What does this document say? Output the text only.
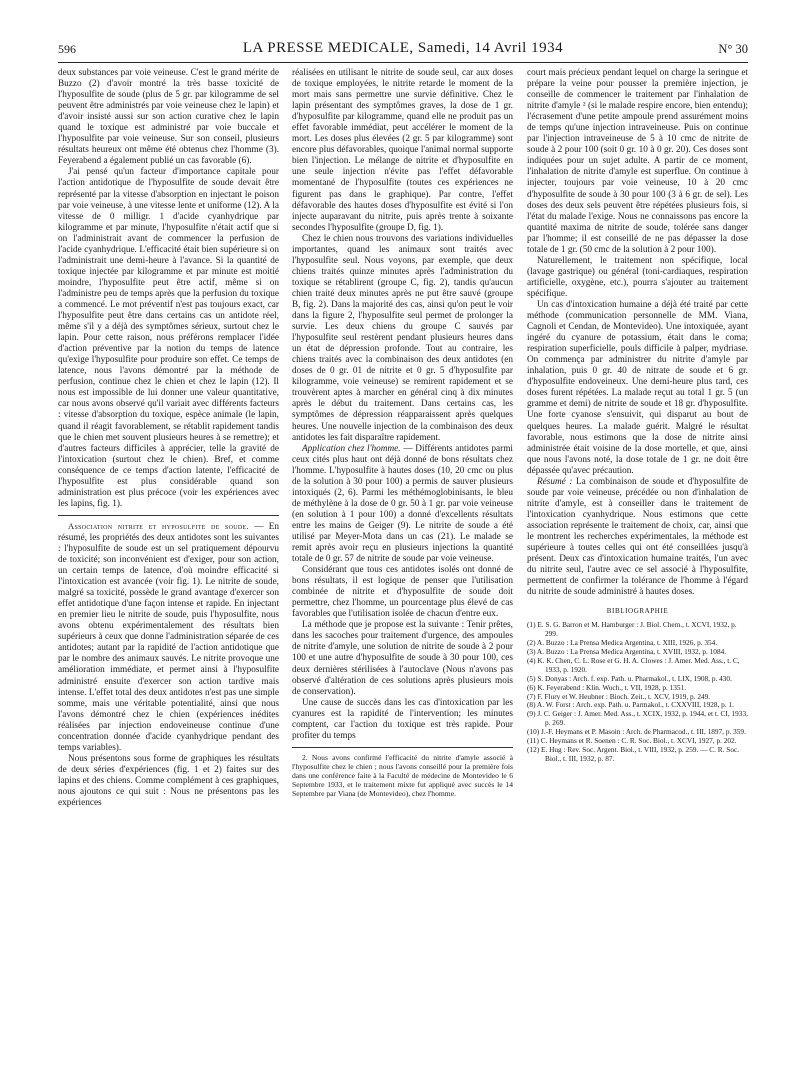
596	LA PRESSE MEDICALE, Samedi, 14 Avril 1934	N° 30

deux substances par voie veineuse. C'est le grand mérite de Buzzo (2) d'avoir montré la très basse toxicité de l'hyposulfite de soude (plus de 5 gr. par kilogramme de sel peuvent être administrés par voie veineuse chez le lapin) et d'avoir insisté aussi sur son action curative chez le lapin quand le toxique est administré par voie buccale et l'hyposulfite par voie veineuse. Sur son conseil, plusieurs résultats heureux ont même été obtenus chez l'homme (3). Feyerabend a également publié un cas favorable (6).

J'ai pensé qu'un facteur d'importance capitale pour l'action antidotique de l'hyposulfite de soude devait être représenté par la vitesse d'absorption en injectant le poison par voie veineuse, à une vitesse lente et uniforme (12). A la vitesse de 0 milligr. 1 d'acide cyanhydrique par kilogramme et par minute, l'hyposulfite n'était actif que si on l'administrait avant de commencer la perfusion de l'acide cyanhydrique. L'efficacité était bien supérieure si on l'administrait une demi-heure à l'avance. Si la quantité de toxique injectée par kilogramme et par minute est moitié moindre, l'hyposulfite peut être actif, même si on l'administre peu de temps après que la perfusion du toxique a commencé. Le mot préventif n'est pas toujours exact, car l'hyposulfite peut être dans certains cas un antidote réel, même s'il y a déjà des symptômes sérieux, surtout chez le lapin. Pour cette raison, nous préférons remplacer l'idée d'action préventive par la notion du temps de latence qu'exige l'hyposulfite pour produire son effet. Ce temps de latence, nous l'avons démontré par la méthode de perfusion, continue chez le chien et chez le lapin (12). Il nous est impossible de lui donner une valeur quantitative, car nous avons observé qu'il variait avec différents facteurs : vitesse d'absorption du toxique, espèce animale (le lapin, quand il réagit favorablement, se rétablit rapidement tandis que le chien met souvent plusieurs heures à se remettre); et d'autres facteurs difficiles à apprécier, telle la gravité de l'intoxication (surtout chez le chien). Bref, et comme conséquence de ce temps d'action latente, l'efficacité de l'hyposulfite est plus considérable quand son administration est plus précoce (voir les expériences avec les lapins, fig. 1).

Association nitrite et hyposulfite de soude. — En résumé, les propriétés des deux antidotes sont les suivantes : l'hyposulfite de soude est un sel pratiquement dépourvu de toxicité; son inconvénient est d'exiger, pour son action, un certain temps de latence, d'où moindre efficacité si l'intoxication est avancée (voir fig. 1). Le nitrite de soude, malgré sa toxicité, possède le grand avantage d'exercer son effet antidotique d'une façon intense et rapide. En injectant en premier lieu le nitrite de soude, puis l'hyposulfite, nous avons obtenu expérimentalement des résultats bien supérieurs à ceux que donne l'administration séparée de ces antidotes; autant par la rapidité de l'action antidotique que par le nombre des animaux sauvés. Le nitrite provoque une amélioration immédiate, et permet ainsi à l'hyposulfite administré ensuite d'exercer son action tardive mais intense. L'effet total des deux antidotes n'est pas une simple somme, mais une véritable potentialité, ainsi que nous l'avons démontré chez le chien (expériences inédites réalisées par injection endoveineuse continue d'une concentration donnée d'acide cyanhydrique pendant des temps variables).

Nous présentons sous forme de graphiques les résultats de deux séries d'expériences (fig. 1 et 2) faites sur des lapins et des chiens. Comme complément à ces graphiques, nous ajoutons ce qui suit : Nous ne présentons pas les expériences

réalisées en utilisant le nitrite de soude seul, car aux doses de toxique employées, le nitrite retarde le moment de la mort mais sans permettre une survie définitive. Chez le lapin présentant des symptômes graves, la dose de 1 gr. d'hyposulfite par kilogramme, quand elle ne produit pas un effet favorable immédiat, peut accélérer le moment de la mort. Les doses plus élevées (2 gr. 5 par kilogramme) sont encore plus défavorables, quoique l'animal normal supporte bien l'injection. Le mélange de nitrite et d'hyposulfite en une seule injection n'évite pas l'effet défavorable momentané de l'hyposulfite (toutes ces expériences ne figurent pas dans le graphique). Par contre, l'effet défavorable des hautes doses d'hyposulfite est évité si l'on injecte auparavant du nitrite, puis après trente à soixante secondes l'hyposulfite (groupe D, fig. 1).

Chez le chien nous trouvons des variations individuelles importantes, quand les animaux sont traités avec l'hyposulfite seul. Nous voyons, par exemple, que deux chiens traités quinze minutes après l'administration du toxique se rétablirent (groupe C, fig. 2), tandis qu'aucun chien traité deux minutes après ne put être sauvé (groupe B, fig. 2). Dans la majorité des cas, ainsi qu'on peut le voir dans la figure 2, l'hyposulfite seul permet de prolonger la survie. Les deux chiens du groupe C sauvés par l'hyposulfite seul restèrent pendant plusieurs heures dans un état de dépression profonde. Tout au contraire, les chiens traités avec la combinaison des deux antidotes (en doses de 0 gr. 01 de nitrite et 0 gr. 5 d'hyposulfite par kilogramme, voie veineuse) se remirent rapidement et se trouvèrent aptes à marcher en général cinq à dix minutes après le début du traitement. Dans certains cas, les symptômes de dépression réapparaissent après quelques heures. Une nouvelle injection de la combinaison des deux antidotes les fait disparaître rapidement.

Application chez l'homme. — Différents antidotes parmi ceux cités plus haut ont déjà donné de bons résultats chez l'homme. L'hyposulfite à hautes doses (10, 20 cmc ou plus de la solution à 30 pour 100) a permis de sauver plusieurs intoxiqués (2, 6). Parmi les méthémoglobinisants, le bleu de méthylène à la dose de 0 gr. 50 à 1 gr. par voie veineuse (en solution à 1 pour 100) a donné d'excellents résultats entre les mains de Geiger (9). Le nitrite de soude a été utilisé par Meyer-Mota dans un cas (21). Le malade se remit après avoir reçu en plusieurs injections la quantité totale de 0 gr. 57 de nitrite de soude par voie veineuse.

Considérant que tous ces antidotes isolés ont donné de bons résultats, il est logique de penser que l'utilisation combinée de nitrite et d'hyposulfite de soude doit permettre, chez l'homme, un pourcentage plus élevé de cas favorables que l'utilisation isolée de chacun d'entre eux.

La méthode que je propose est la suivante : Tenir prêtes, dans les sacoches pour traitement d'urgence, des ampoules de nitrite d'amyle, une solution de nitrite de soude à 2 pour 100 et une autre d'hyposulfite de soude à 30 pour 100, ces deux dernières stérilisées à l'autoclave (Nous n'avons pas observé d'altération de ces solutions après plusieurs mois de conservation).

Une cause de succès dans les cas d'intoxication par les cyanures est la rapidité de l'intervention; les minutes comptent, car l'action du toxique est très rapide. Pour profiter du temps

2. Nous avons confirmé l'efficacité du nitrite d'amyle associé à l'hyposulfite chez le chien ; nous l'avons conseillé pour la première fois dans une conférence faite à la Faculté de médecine de Montevideo le 6 Septembre 1933, et le traitement mixte fut appliqué avec succès le 14 Septembre par Viana (de Montevideo), chez l'homme.

court mais précieux pendant lequel on charge la seringue et prépare la veine pour pousser la première injection, je conseille de commencer le traitement par l'inhalation de nitrite d'amyle ² (si le malade respire encore, bien entendu); l'écrasement d'une petite ampoule prend assurément moins de temps qu'une injection intraveineuse. Puis on continue par l'injection intraveineuse de 5 à 10 cmc de nitrite de soude à 2 pour 100 (soit 0 gr. 10 à 0 gr. 20). Ces doses sont indiquées pour un sujet adulte. A partir de ce moment, l'inhalation de nitrite d'amyle est superflue. On continue à injecter, toujours par voie veineuse, 10 à 20 cmc d'hyposulfite de soude à 30 pour 100 (3 à 6 gr. de sel). Les doses des deux sels peuvent être répétées plusieurs fois, si l'état du malade l'exige. Nous ne connaissons pas encore la quantité maxima de nitrite de soude, tolérée sans danger par l'homme; il est conseillé de ne pas dépasser la dose totale de 1 gr. (50 cmc de la solution à 2 pour 100).

Naturellement, le traitement non spécifique, local (lavage gastrique) ou général (toni-cardiaques, respiration artificielle, oxygène, etc.), pourra s'ajouter au traitement spécifique.

Un cas d'intoxication humaine a déjà été traité par cette méthode (communication personnelle de MM. Viana, Cagnoli et Cendan, de Montevideo). Une intoxiquée, ayant ingéré du cyanure de potassium, était dans le coma; respiration superficielle, pouls difficile à palper, mydriase. On commença par administrer du nitrite d'amyle par inhalation, puis 0 gr. 40 de nitrate de soude et 6 gr. d'hyposulfite endoveineux. Une demi-heure plus tard, ces doses furent répétées. La malade reçut au total 1 gr. 5 (un gramme et demi) de nitrite de soude et 18 gr. d'hyposulfite. Une forte cyanose s'ensuivit, qui disparut au bout de quelques heures. La malade guérit. Malgré le résultat favorable, nous estimons que la dose de nitrite ainsi administrée était voisine de la dose mortelle, et que, ainsi que nous l'avons noté, la dose totale de 1 gr. ne doit être dépassée qu'avec précaution.

Résumé : La combinaison de soude et d'hyposulfite de soude par voie veineuse, précédée ou non d'inhalation de nitrite d'amyle, est à conseiller dans le traitement de l'intoxication cyanhydrique. Nous estimons que cette association représente le traitement de choix, car, ainsi que le montrent les recherches expérimentales, la méthode est supérieure à toutes celles qui ont été conseillées jusqu'à présent. Deux cas d'intoxication humaine traités, l'un avec du nitrite seul, l'autre avec ce sel associé à l'hyposulfite, permettent de confirmer la tolérance de l'homme à l'égard du nitrite de soude administré à hautes doses.

BIBLIOGRAPHIE
(1) E. S. G. Barron et M. Hamburger : J. Biol. Chem., t. XCVI, 1932, p. 299.
(2) A. Buzzo : La Prensa Medica Argentina, t. XIII, 1926, p. 354.
(3) A. Buzzo : La Prensa Medica Argentina, t. XVIII, 1932, p. 1084.
(4) K. K. Chen, C. L. Rose et G. H. A. Clowes : J. Amer. Med. Ass., t. C, 1933, p. 1920.
(5) S. Donyas : Arch. f. exp. Path. u. Pharmakol., t. LIX, 1908, p. 430.
(6) K. Feyerabend : Klin. Woch., t. VII, 1928, p. 1351.
(7) F. Flury et W. Heubner : Bioch. Zeit., t. XCV, 1919, p. 249.
(8) A. W. Forst : Arch. exp. Path. u. Parmakol., t. CXXVIII, 1928, p. 1.
(9) J. C. Geiger : J. Amer. Med. Ass., t. XCIX, 1932, p. 1944, et t. CI, 1933, p. 269.
(10) J.-F. Heymans et P. Masoin : Arch. de Pharmacod., t. III, 1897, p. 359.
(11) C. Heymans et R. Soenen : C. R. Soc. Biol., t. XCVI, 1927, p. 202.
(12) E. Hug : Rev. Soc. Argent. Biol., t. VIII, 1932, p. 259. — C. R. Soc. Biol., t. III, 1932, p. 87.
